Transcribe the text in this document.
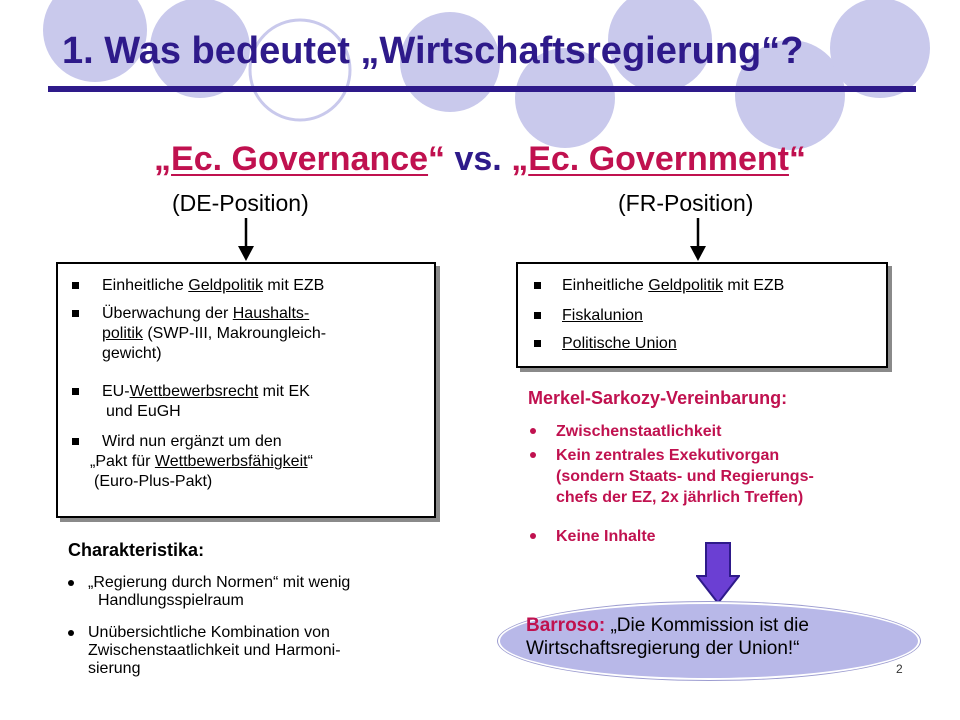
1. Was bedeutet „Wirtschaftsregierung“?
„Ec. Governance“ vs. „Ec. Government“
(DE-Position)	(FR-Position)
Einheitliche Geldpolitik mit EZB
Überwachung der Haushalts-
politik (SWP-III, Makroungleich-
gewicht)
EU-Wettbewerbsrecht mit EK
und EuGH
Wird nun ergänzt um den
„Pakt für Wettbewerbsfähigkeit“
(Euro-Plus-Pakt)
Einheitliche Geldpolitik mit EZB
Fiskalunion
Politische Union
Charakteristika:
„Regierung durch Normen“ mit wenig
Handlungsspielraum
Unübersichtliche Kombination von
Zwischenstaatlichkeit und Harmoni-
sierung
Merkel-Sarkozy-Vereinbarung:
Zwischenstaatlichkeit
Kein zentrales Exekutivorgan
(sondern Staats- und Regierungs-
chefs der EZ, 2x jährlich Treffen)
Keine Inhalte
Barroso: „Die Kommission ist die
Wirtschaftsregierung der Union!“
2
